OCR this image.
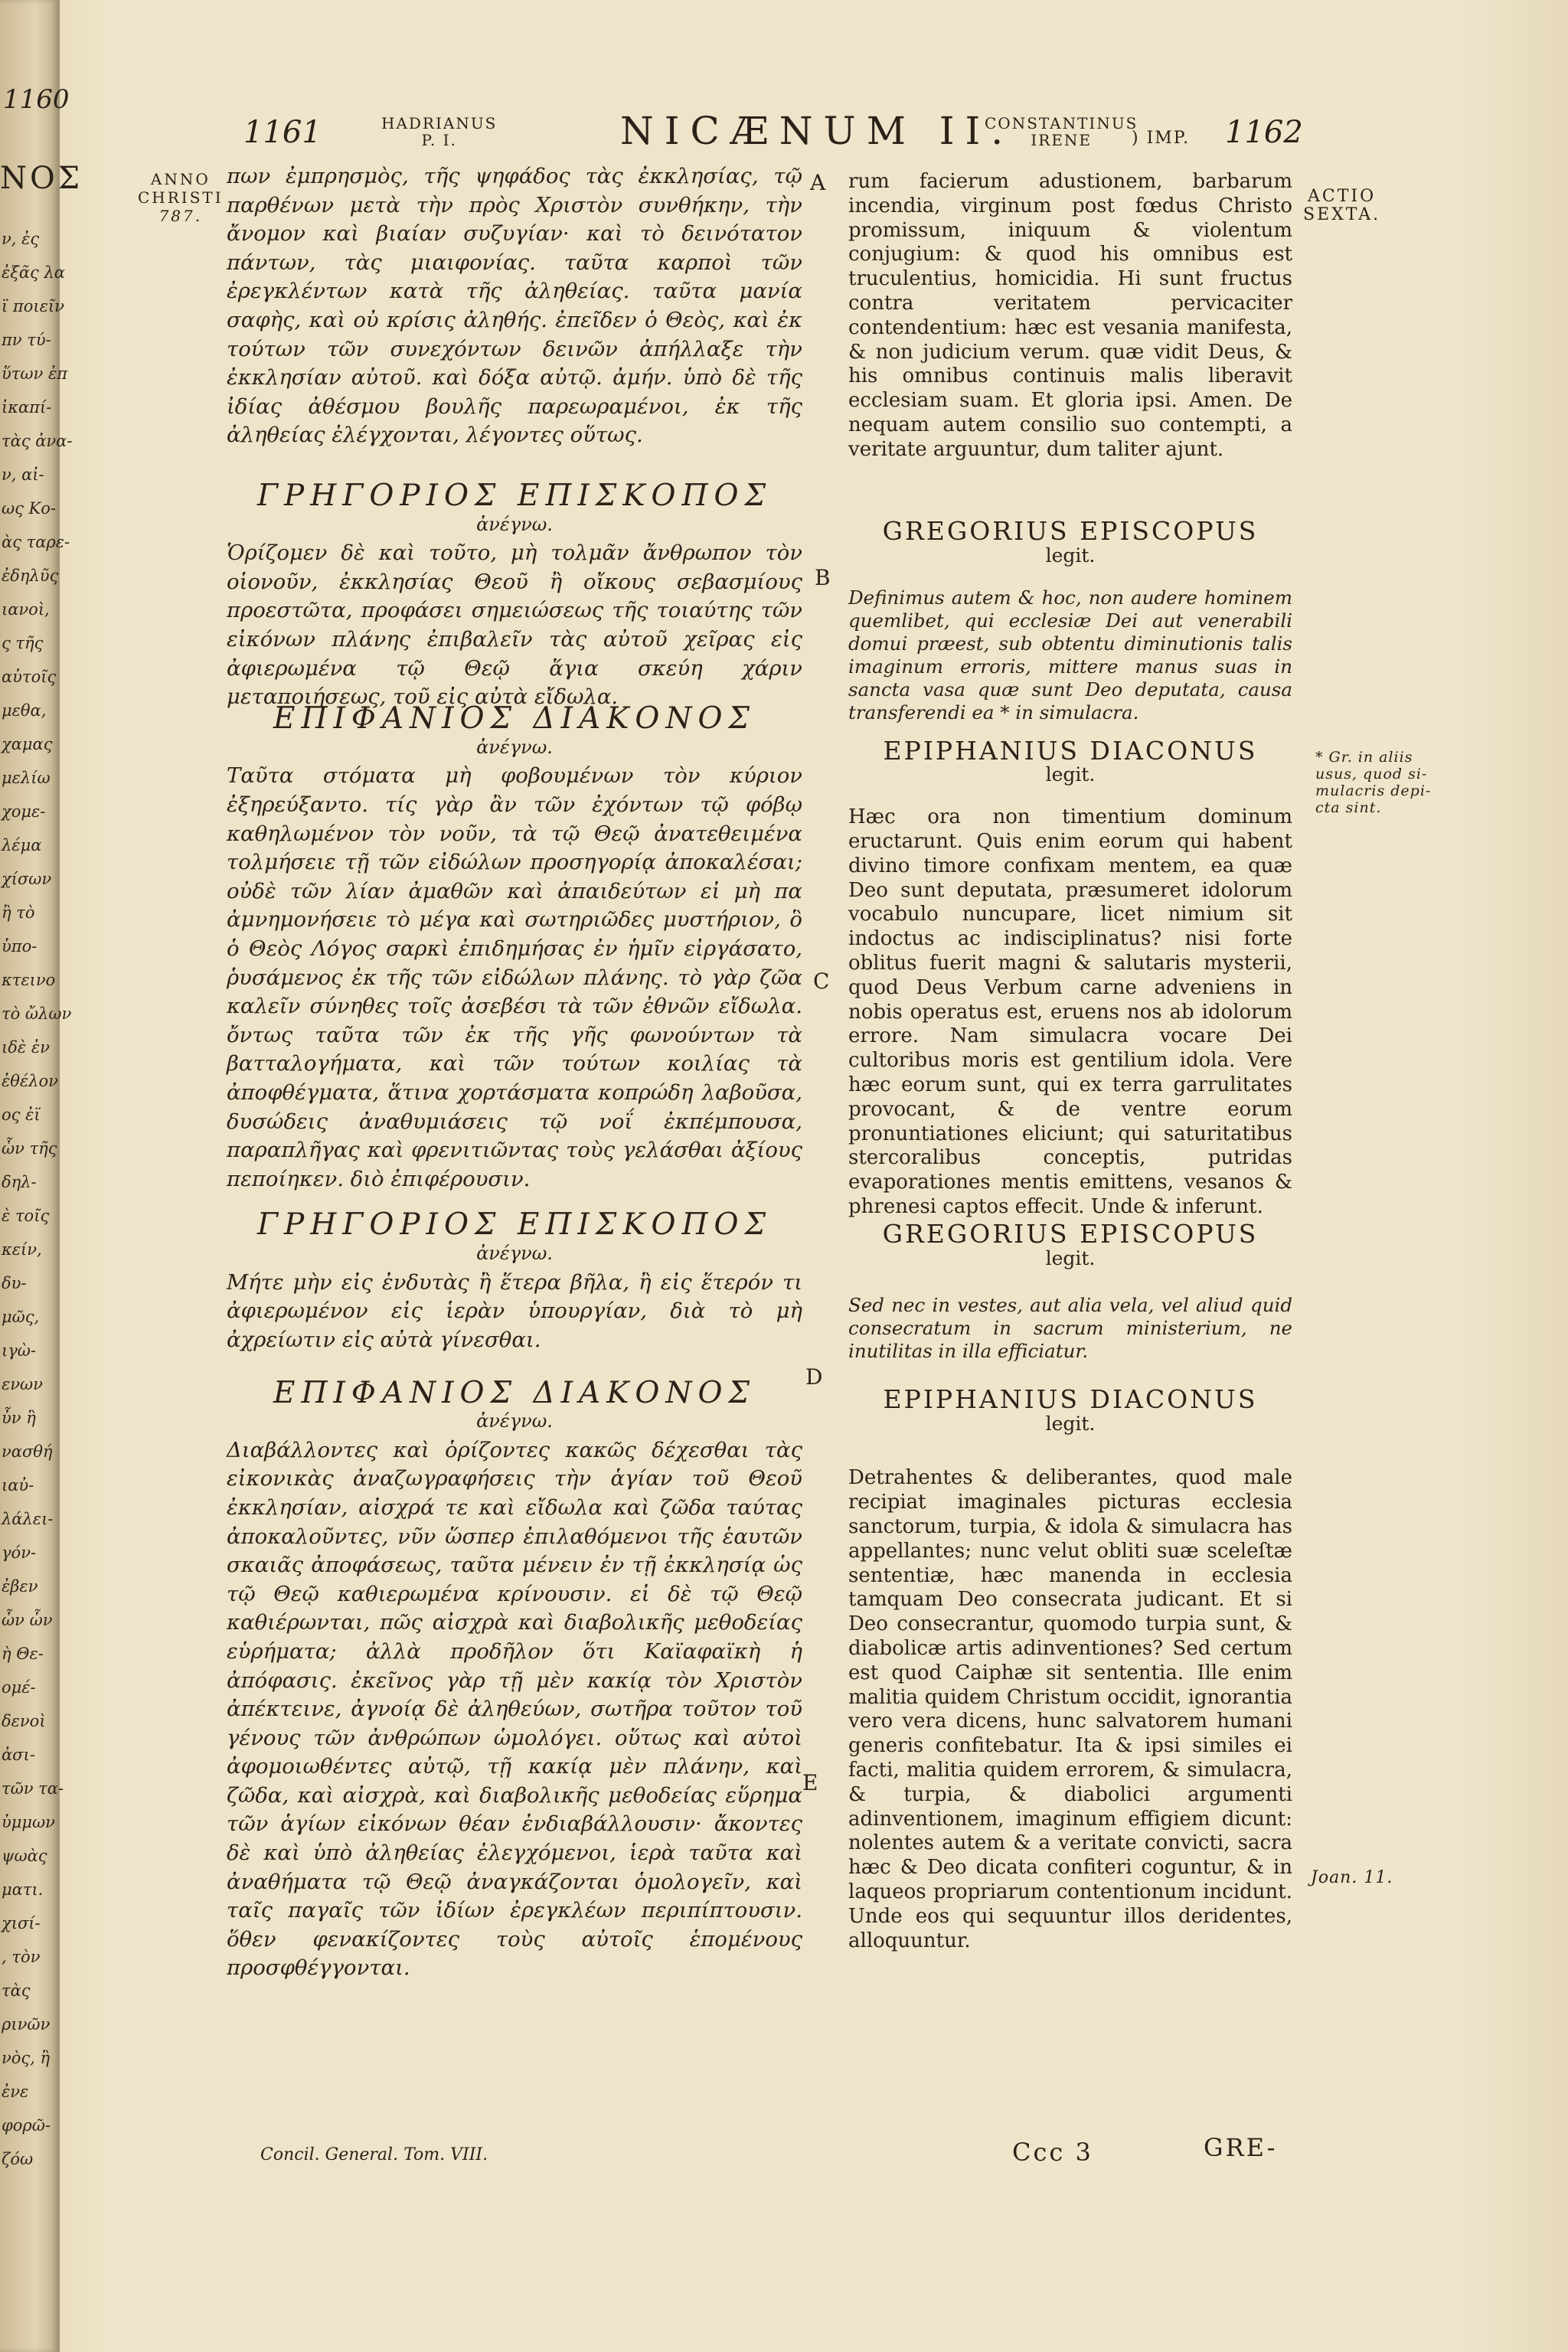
1160
ΝΟΣ
ν, ἐς
ἐξᾶς λα
ϊ ποιεῖν
πν τύ-
ὕτων ἐπ
ἰκαπί-
τὰς ἀνα-
ν, αἰ-
ως Κο-
ὰς ταρε-
ἐδηλῦς
ιανοὶ,
ς τῆς
αὐτοῖς
μεθα,
χαμας
μελίω
χομε-
λέμα
χίσων
ἢ τὸ
ὑπο-
κτεινο
τὸ ὤλων
ιδὲ ἐν
ἐθέλον
ος ἐϊ
ὧν τῆς
δηλ-
ὲ τοῖς
κείν,
δυ-
μῶς,
ιγὼ-
ενων
ὖν ἢ
νασθή
ιαὐ-
λάλει-
γόν-
ἐβεν
ὧν ὧν
ὴ Θε-
ομέ-
δενοὶ
ἀσι-
τῶν τα-
ὑμμων
ψωὰς
ματι.
χισί-
, τὸν
τὰς
ρινῶν
νὸς, ἢ
ἐνε
φορῶ-
ζόω
1161	HADRIANUS
P. I.	NICÆNUM II.
CONSTANTINUS
IRENE	) IMP. 1162
ANNO
CHRISTI
787.
ACTIO
SEXTA.
* Gr. in aliis
usus, quod si-
mulacris depi-
cta sint.
Joan. 11.
A
B
C
D
E

πων ἐμπρησμὸς, τῆς ψηφάδος τὰς ἐκκλησίας, τῷ παρθένων μετὰ τὴν πρὸς Χριστὸν συνθήκην, τὴν ἄνομον καὶ βιαίαν συζυγίαν· καὶ τὸ δεινότατον πάντων, τὰς μιαιφονίας. ταῦτα καρποὶ τῶν ἐρεγκλέντων κατὰ τῆς ἀληθείας. ταῦτα μανία σαφὴς, καὶ οὐ κρίσις ἀληθής. ἐπεῖδεν ὁ Θεὸς, καὶ ἐκ τούτων τῶν συνεχόντων δεινῶν ἀπήλλαξε τὴν ἐκκλησίαν αὐτοῦ. καὶ δόξα αὐτῷ. ἀμήν. ὑπὸ δὲ τῆς ἰδίας ἀθέσμου βουλῆς παρεωραμένοι, ἐκ τῆς ἀληθείας ἐλέγχονται, λέγοντες οὕτως.

ΓΡΗΓΟΡΙΟΣ ΕΠΙΣΚΟΠΟΣ
ἀνέγνω.

Ὁρίζομεν δὲ καὶ τοῦτο, μὴ τολμᾶν ἄνθρωπον τὸν οἱονοῦν, ἐκκλησίας Θεοῦ ἢ οἴκους σεβασμίους προεστῶτα, προφάσει σημειώσεως τῆς τοιαύτης τῶν εἰκόνων πλάνης ἐπιβαλεῖν τὰς αὐτοῦ χεῖρας εἰς ἀφιερωμένα τῷ Θεῷ ἅγια σκεύη χάριν μεταποιήσεως, τοῦ εἰς αὐτὰ εἴδωλα.

ΕΠΙΦΑΝΙΟΣ ΔΙΑΚΟΝΟΣ
ἀνέγνω.

Ταῦτα στόματα μὴ φοβουμένων τὸν κύριον ἐξηρεύξαντο. τίς γὰρ ἂν τῶν ἐχόντων τῷ φόβῳ καθηλωμένον τὸν νοῦν, τὰ τῷ Θεῷ ἀνατεθειμένα τολμήσειε τῇ τῶν εἰδώλων προσηγορίᾳ ἀποκαλέσαι; οὐδὲ τῶν λίαν ἀμαθῶν καὶ ἀπαιδεύτων εἰ μὴ πα ἀμνημονήσειε τὸ μέγα καὶ σωτηριῶδες μυστήριον, ὃ ὁ Θεὸς Λόγος σαρκὶ ἐπιδημήσας ἐν ἡμῖν εἰργάσατο, ῥυσάμενος ἐκ τῆς τῶν εἰδώλων πλάνης. τὸ γὰρ ζῶα καλεῖν σύνηθες τοῖς ἀσεβέσι τὰ τῶν ἐθνῶν εἴδωλα. ὄντως ταῦτα τῶν ἐκ τῆς γῆς φωνούντων τὰ βατταλογήματα, καὶ τῶν τούτων κοιλίας τὰ ἀποφθέγματα, ἅτινα χορτάσματα κοπρώδη λαβοῦσα, δυσώδεις ἀναθυμιάσεις τῷ νοΐ ἐκπέμπουσα, παραπλῆγας καὶ φρενιτιῶντας τοὺς γελάσθαι ἀξίους πεποίηκεν. διὸ ἐπιφέρουσιν.

ΓΡΗΓΟΡΙΟΣ ΕΠΙΣΚΟΠΟΣ
ἀνέγνω.

Μήτε μὴν εἰς ἐνδυτὰς ἢ ἕτερα βῆλα, ἢ εἰς ἕτερόν τι ἀφιερωμένον εἰς ἱερὰν ὑπουργίαν, διὰ τὸ μὴ ἀχρείωτιν εἰς αὐτὰ γίνεσθαι.

ΕΠΙΦΑΝΙΟΣ ΔΙΑΚΟΝΟΣ
ἀνέγνω.

Διαβάλλοντες καὶ ὁρίζοντες κακῶς δέχεσθαι τὰς εἰκονικὰς ἀναζωγραφήσεις τὴν ἁγίαν τοῦ Θεοῦ ἐκκλησίαν, αἰσχρά τε καὶ εἴδωλα καὶ ζῶδα ταύτας ἀποκαλοῦντες, νῦν ὥσπερ ἐπιλαθόμενοι τῆς ἑαυτῶν σκαιᾶς ἀποφάσεως, ταῦτα μένειν ἐν τῇ ἐκκλησίᾳ ὡς τῷ Θεῷ καθιερωμένα κρίνουσιν. εἰ δὲ τῷ Θεῷ καθιέρωνται, πῶς αἰσχρὰ καὶ διαβολικῆς μεθοδείας εὑρήματα; ἀλλὰ προδῆλον ὅτι Καϊαφαϊκὴ ἡ ἀπόφασις. ἐκεῖνος γὰρ τῇ μὲν κακίᾳ τὸν Χριστὸν ἀπέκτεινε, ἀγνοίᾳ δὲ ἀληθεύων, σωτῆρα τοῦτον τοῦ γένους τῶν ἀνθρώπων ὡμολόγει. οὕτως καὶ αὐτοὶ ἀφομοιωθέντες αὐτῷ, τῇ κακίᾳ μὲν πλάνην, καὶ ζῶδα, καὶ αἰσχρὰ, καὶ διαβολικῆς μεθοδείας εὕρημα τῶν ἁγίων εἰκόνων θέαν ἐνδιαβάλλουσιν· ἄκοντες δὲ καὶ ὑπὸ ἀληθείας ἐλεγχόμενοι, ἱερὰ ταῦτα καὶ ἀναθήματα τῷ Θεῷ ἀναγκάζονται ὁμολογεῖν, καὶ ταῖς παγαῖς τῶν ἰδίων ἐρεγκλέων περιπίπτουσιν. ὅθεν φενακίζοντες τοὺς αὐτοῖς ἑπομένους προσφθέγγονται.

rum facierum adustionem, barbarum incendia, virginum post fœdus Christo promissum, iniquum & violentum conjugium: & quod his omnibus est truculentius, homicidia. Hi sunt fructus contra veritatem pervicaciter contendentium: hæc est vesania manifesta, & non judicium verum. quæ vidit Deus, & his omnibus continuis malis liberavit ecclesiam suam. Et gloria ipsi. Amen. De nequam autem consilio suo contempti, a veritate arguuntur, dum taliter ajunt.

GREGORIUS EPISCOPUS
legit.

Definimus autem & hoc, non audere hominem quemlibet, qui ecclesiæ Dei aut venerabili domui præest, sub obtentu diminutionis talis imaginum erroris, mittere manus suas in sancta vasa quæ sunt Deo deputata, causa transferendi ea * in simulacra.

EPIPHANIUS DIACONUS
legit.

Hæc ora non timentium dominum eructarunt. Quis enim eorum qui habent divino timore confixam mentem, ea quæ Deo sunt deputata, præsumeret idolorum vocabulo nuncupare, licet nimium sit indoctus ac indisciplinatus? nisi forte oblitus fuerit magni & salutaris mysterii, quod Deus Verbum carne adveniens in nobis operatus est, eruens nos ab idolorum errore. Nam simulacra vocare Dei cultoribus moris est gentilium idola. Vere hæc eorum sunt, qui ex terra garrulitates provocant, & de ventre eorum pronuntiationes eliciunt; qui saturitatibus stercoralibus conceptis, putridas evaporationes mentis emittens, vesanos & phrenesi captos effecit. Unde & inferunt.

GREGORIUS EPISCOPUS
legit.

Sed nec in vestes, aut alia vela, vel aliud quid consecratum in sacrum ministerium, ne inutilitas in illa efficiatur.

EPIPHANIUS DIACONUS
legit.

Detrahentes & deliberantes, quod male recipiat imaginales picturas ecclesia sanctorum, turpia, & idola & simulacra has appellantes; nunc velut obliti suæ sceleſtæ sententiæ, hæc manenda in ecclesia tamquam Deo consecrata judicant. Et si Deo consecrantur, quomodo turpia sunt, & diabolicæ artis adinventiones? Sed certum est quod Caiphæ sit sententia. Ille enim malitia quidem Christum occidit, ignorantia vero vera dicens, hunc salvatorem humani generis confitebatur. Ita & ipsi similes ei facti, malitia quidem errorem, & simulacra, & turpia, & diabolici argumenti adinventionem, imaginum effigiem dicunt: nolentes autem & a veritate convicti, sacra hæc & Deo dicata confiteri coguntur, & in laqueos propriarum contentionum incidunt. Unde eos qui sequuntur illos deridentes, alloquuntur.

Concil. General. Tom. VIII.	Ccc 3	GRE-
